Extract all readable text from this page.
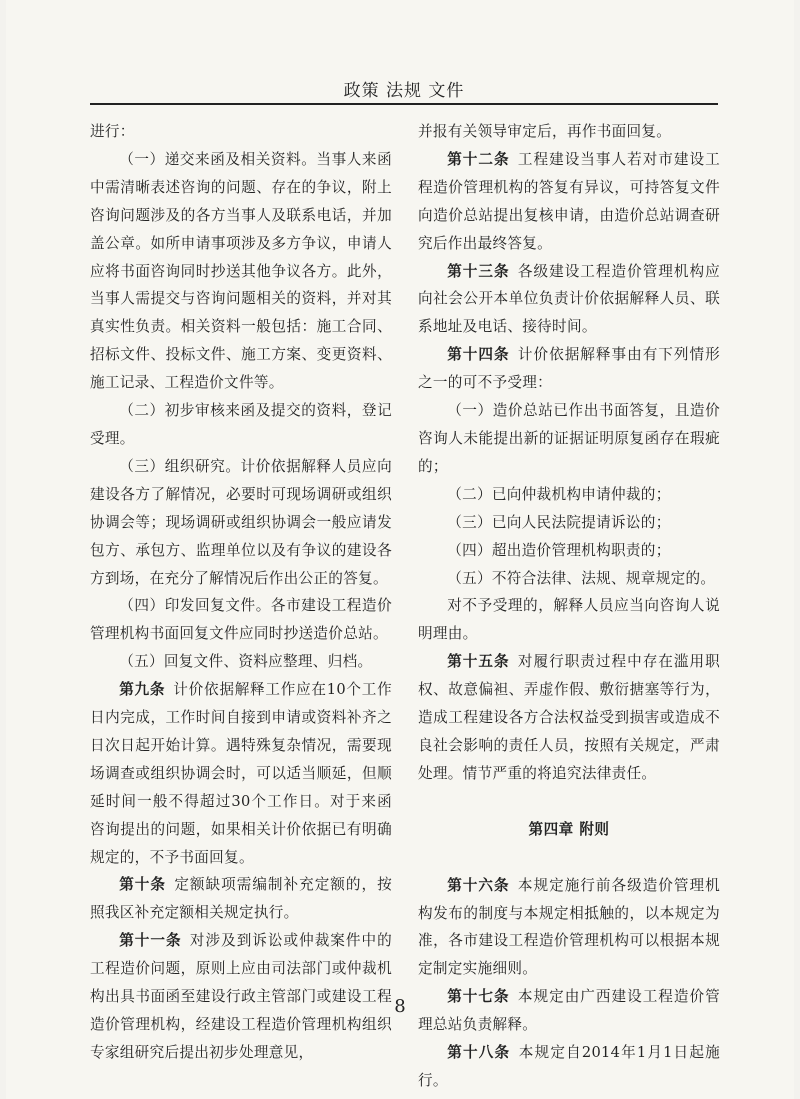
政策 法规 文件

进行：

（一）递交来函及相关资料。当事人来函中需清晰表述咨询的问题、存在的争议，附上咨询问题涉及的各方当事人及联系电话，并加盖公章。如所申请事项涉及多方争议，申请人应将书面咨询同时抄送其他争议各方。此外，当事人需提交与咨询问题相关的资料，并对其真实性负责。相关资料一般包括：施工合同、招标文件、投标文件、施工方案、变更资料、施工记录、工程造价文件等。

（二）初步审核来函及提交的资料，登记受理。

（三）组织研究。计价依据解释人员应向建设各方了解情况，必要时可现场调研或组织协调会等；现场调研或组织协调会一般应请发包方、承包方、监理单位以及有争议的建设各方到场，在充分了解情况后作出公正的答复。

（四）印发回复文件。各市建设工程造价管理机构书面回复文件应同时抄送造价总站。

（五）回复文件、资料应整理、归档。

第九条  计价依据解释工作应在10个工作日内完成，工作时间自接到申请或资料补齐之日次日起开始计算。遇特殊复杂情况，需要现场调查或组织协调会时，可以适当顺延，但顺延时间一般不得超过30个工作日。对于来函咨询提出的问题，如果相关计价依据已有明确规定的，不予书面回复。

第十条  定额缺项需编制补充定额的，按照我区补充定额相关规定执行。

第十一条  对涉及到诉讼或仲裁案件中的工程造价问题，原则上应由司法部门或仲裁机构出具书面函至建设行政主管部门或建设工程造价管理机构，经建设工程造价管理机构组织专家组研究后提出初步处理意见，

并报有关领导审定后，再作书面回复。

第十二条  工程建设当事人若对市建设工程造价管理机构的答复有异议，可持答复文件向造价总站提出复核申请，由造价总站调查研究后作出最终答复。

第十三条  各级建设工程造价管理机构应向社会公开本单位负责计价依据解释人员、联系地址及电话、接待时间。

第十四条  计价依据解释事由有下列情形之一的可不予受理：

（一）造价总站已作出书面答复，且造价咨询人未能提出新的证据证明原复函存在瑕疵的；

（二）已向仲裁机构申请仲裁的；

（三）已向人民法院提请诉讼的；

（四）超出造价管理机构职责的；

（五）不符合法律、法规、规章规定的。

对不予受理的，解释人员应当向咨询人说明理由。

第十五条  对履行职责过程中存在滥用职权、故意偏袒、弄虚作假、敷衍搪塞等行为，造成工程建设各方合法权益受到损害或造成不良社会影响的责任人员，按照有关规定，严肃处理。情节严重的将追究法律责任。

第四章 附则

第十六条  本规定施行前各级造价管理机构发布的制度与本规定相抵触的，以本规定为准，各市建设工程造价管理机构可以根据本规定制定实施细则。

第十七条  本规定由广西建设工程造价管理总站负责解释。

第十八条  本规定自2014年1月1日起施行。

8
